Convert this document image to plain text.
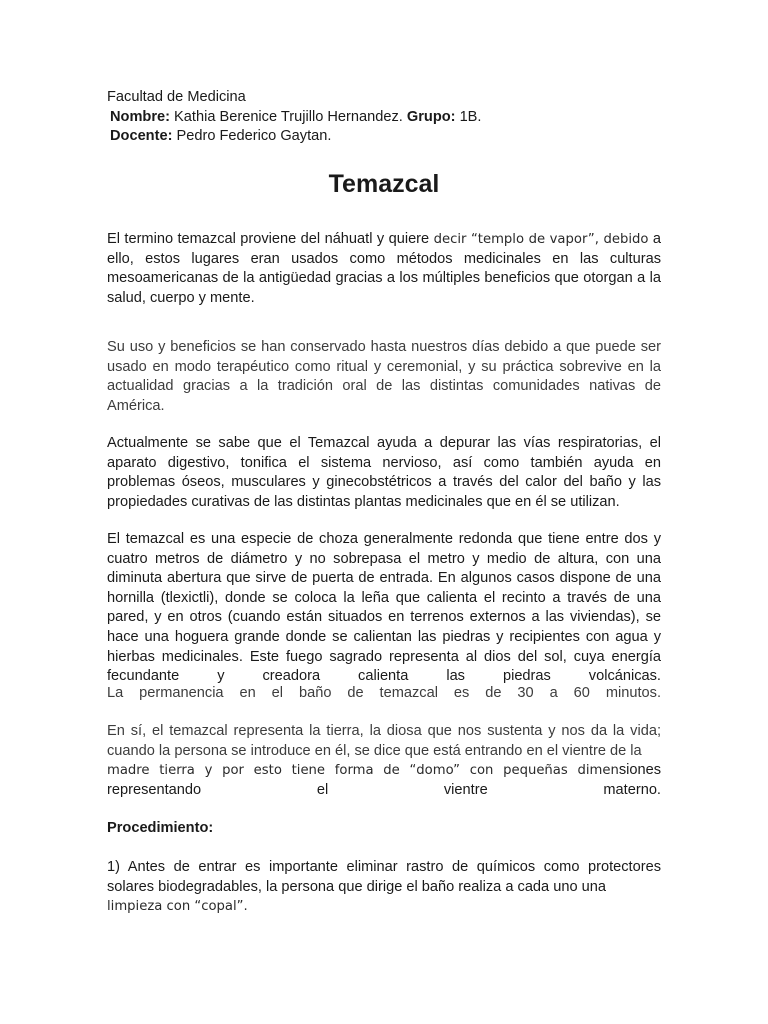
Facultad de Medicina

Nombre: Kathia Berenice Trujillo Hernandez. Grupo: 1B.

Docente: Pedro Federico Gaytan.

Temazcal

El termino temazcal proviene del náhuatl y quiere decir “templo de vapor”, debido a ello, estos lugares eran usados como métodos medicinales en las culturas mesoamericanas de la antigüedad gracias a los múltiples beneficios que otorgan a la salud, cuerpo y mente.

Su uso y beneficios se han conservado hasta nuestros días debido a que puede ser usado en modo terapéutico como ritual y ceremonial, y su práctica sobrevive en la actualidad gracias a la tradición oral de las distintas comunidades nativas de América.

Actualmente se sabe que el Temazcal ayuda a depurar las vías respiratorias, el aparato digestivo, tonifica el sistema nervioso, así como también ayuda en problemas óseos, musculares y ginecobstétricos a través del calor del baño y las propiedades curativas de las distintas plantas medicinales que en él se utilizan.

El temazcal es una especie de choza generalmente redonda que tiene entre dos y cuatro metros de diámetro y no sobrepasa el metro y medio de altura, con una diminuta abertura que sirve de puerta de entrada. En algunos casos dispone de una hornilla (tlexictli), donde se coloca la leña que calienta el recinto a través de una pared, y en otros (cuando están situados en terrenos externos a las viviendas), se hace una hoguera grande donde se calientan las piedras y recipientes con agua y hierbas medicinales. Este fuego sagrado representa al dios del sol, cuya energía fecundante y creadora calienta las piedras volcánicas.

La permanencia en el baño de temazcal es de 30 a 60 minutos.

En sí, el temazcal representa la tierra, la diosa que nos sustenta y nos da la vida; cuando la persona se introduce en él, se dice que está entrando en el vientre de la

madre tierra y por esto tiene forma de “domo” con pequeñas dimensiones representando el vientre materno.

Procedimiento:

1) Antes de entrar es importante eliminar rastro de químicos como protectores solares biodegradables, la persona que dirige el baño realiza a cada uno una

limpieza con “copal”.
